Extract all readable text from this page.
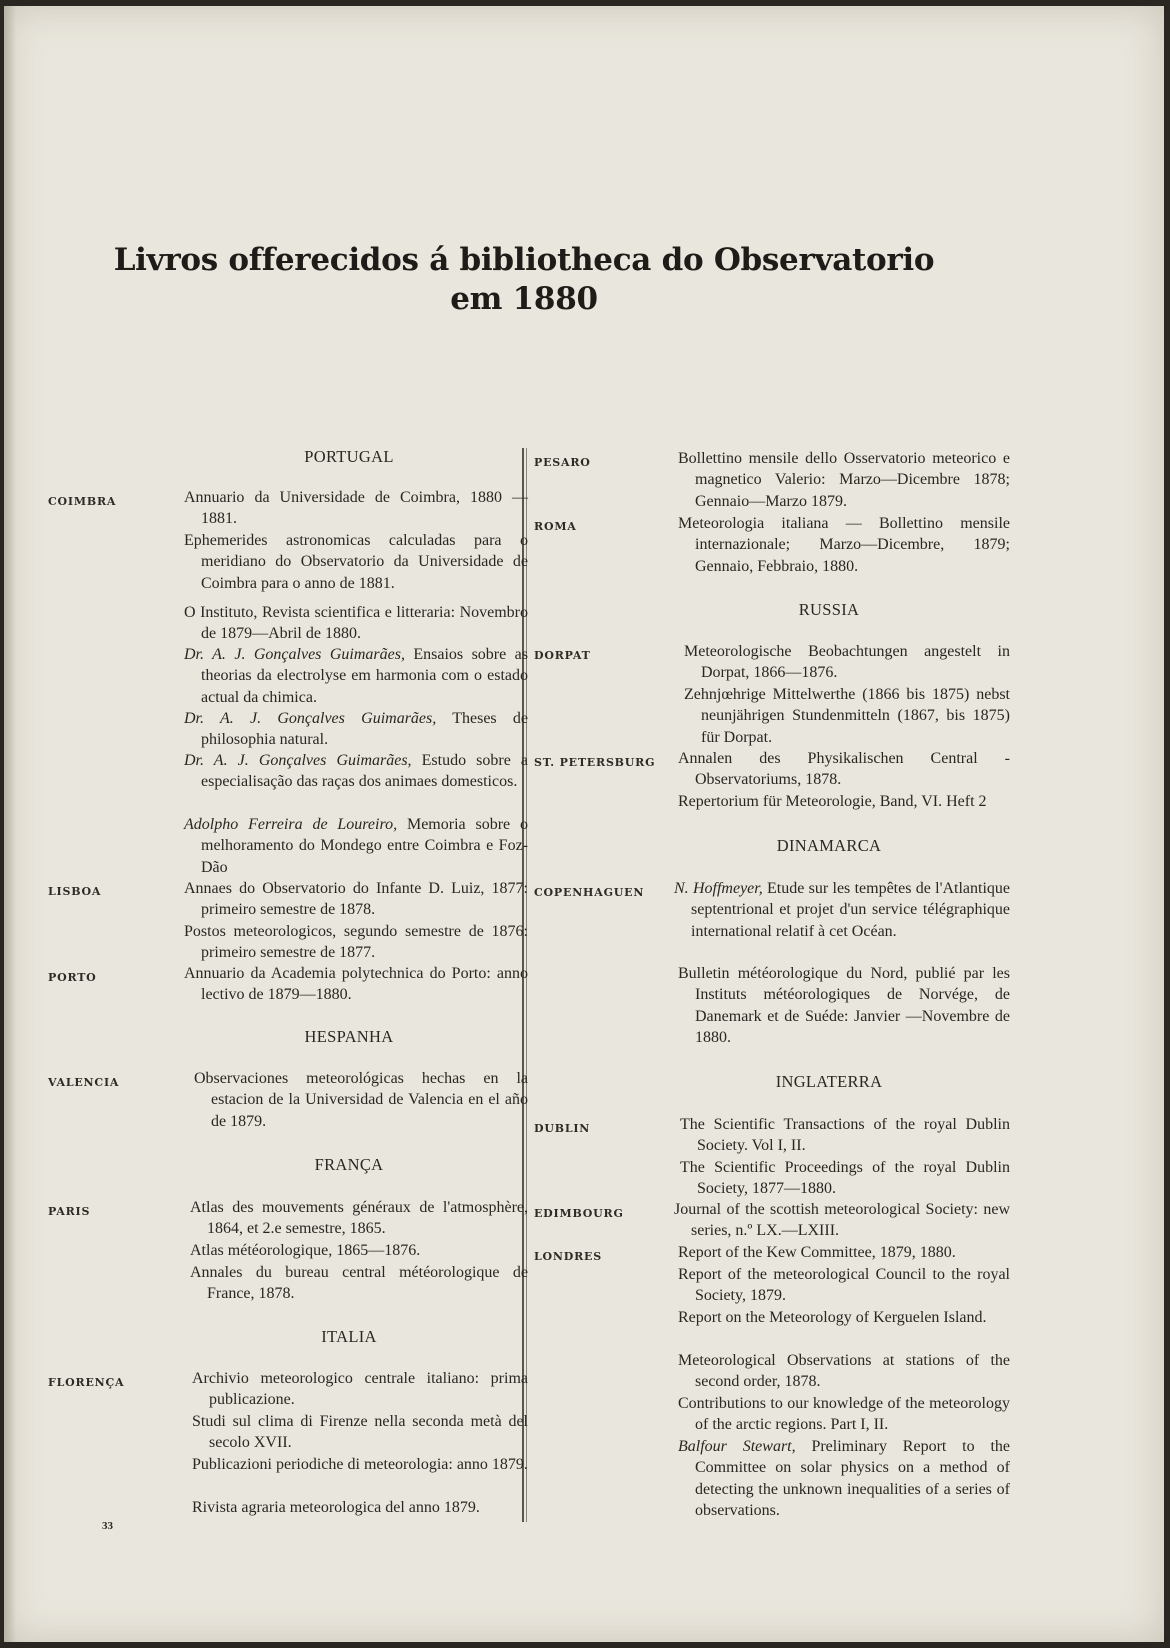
Livros offerecidos á bibliotheca do Observatorio
em 1880
PORTUGAL
COIMBRA	Annuario da Universidade de Coimbra, 1880 — 1881.
Ephemerides astronomicas calculadas para o meridiano do Observatorio da Universidade de Coimbra para o anno de 1881.
O Instituto, Revista scientifica e litteraria: Novembro de 1879—Abril de 1880.
Dr. A. J. Gonçalves Guimarães, Ensaios sobre as theorias da electrolyse em harmonia com o estado actual da chimica.
Dr. A. J. Gonçalves Guimarães, Theses de philosophia natural.
Dr. A. J. Gonçalves Guimarães, Estudo sobre a especialisação das raças dos animaes domesticos.
Adolpho Ferreira de Loureiro, Memoria sobre o melhoramento do Mondego entre Coimbra e Foz-Dão
LISBOA	Annaes do Observatorio do Infante D. Luiz, 1877: primeiro semestre de 1878.
Postos meteorologicos, segundo semestre de 1876: primeiro semestre de 1877.
PORTO	Annuario da Academia polytechnica do Porto: anno lectivo de 1879—1880.
HESPANHA
VALENCIA	Observaciones meteorológicas hechas en la estacion de la Universidad de Valencia en el año de 1879.
FRANÇA
PARIS	Atlas des mouvements généraux de l'atmosphère, 1864, et 2.e semestre, 1865.
Atlas météorologique, 1865—1876.
Annales du bureau central météorologique de France, 1878.
ITALIA
FLORENÇA	Archivio meteorologico centrale italiano: prima publicazione.
Studi sul clima di Firenze nella seconda metà del secolo XVII.
Publicazioni periodiche di meteorologia: anno 1879.
Rivista agraria meteorologica del anno 1879.
33
PESARO	Bollettino mensile dello Osservatorio meteorico e magnetico Valerio: Marzo—Dicembre 1878; Gennaio—Marzo 1879.
ROMA	Meteorologia italiana — Bollettino mensile internazionale; Marzo—Dicembre, 1879; Gennaio, Febbraio, 1880.
RUSSIA
DORPAT	Meteorologische Beobachtungen angestelt in Dorpat, 1866—1876.
Zehnjœhrige Mittelwerthe (1866 bis 1875) nebst neunjährigen Stundenmitteln (1867, bis 1875) für Dorpat.
ST. PETERSBURG Annalen des Physikalischen Central - Observatoriums, 1878.
Repertorium für Meteorologie, Band, VI. Heft 2
DINAMARCA
COPENHAGUEN N. Hoffmeyer, Etude sur les tempêtes de l'Atlantique septentrional et projet d'un service télégraphique international relatif à cet Océan.
Bulletin météorologique du Nord, publié par les Instituts météorologiques de Norvége, de Danemark et de Suéde: Janvier —Novembre de 1880.
INGLATERRA
DUBLIN	The Scientific Transactions of the royal Dublin Society. Vol I, II.
The Scientific Proceedings of the royal Dublin Society, 1877—1880.
EDIMBOURG	Journal of the scottish meteorological Society: new series, n.º LX.—LXIII.
LONDRES	Report of the Kew Committee, 1879, 1880.
Report of the meteorological Council to the royal Society, 1879.
Report on the Meteorology of Kerguelen Island.
Meteorological Observations at stations of the second order, 1878.
Contributions to our knowledge of the meteorology of the arctic regions. Part I, II.
Balfour Stewart, Preliminary Report to the Committee on solar physics on a method of detecting the unknown inequalities of a series of observations.
